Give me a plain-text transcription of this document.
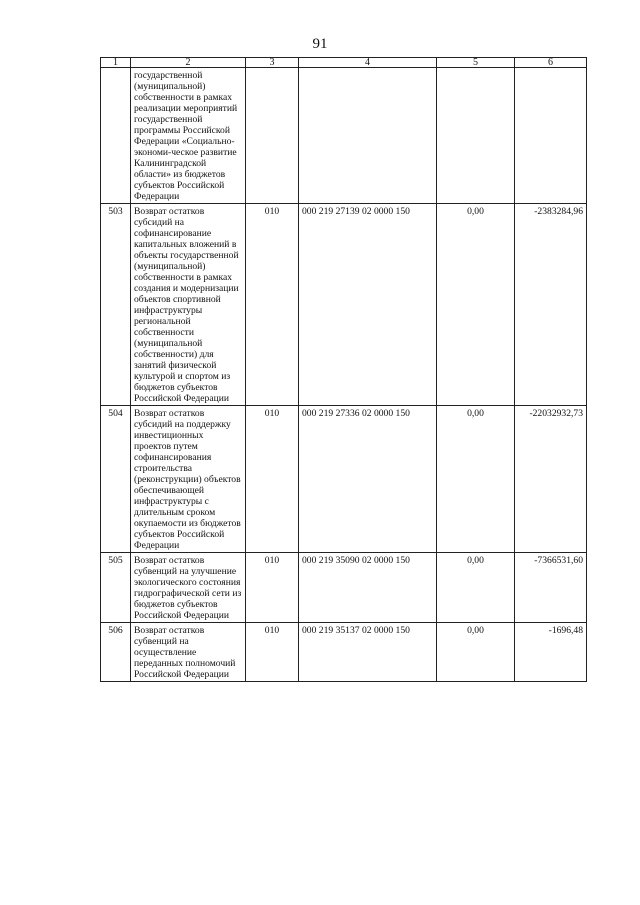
91
1	2	3	4	5	6
	государственной (муниципальной) собственности в рамках реализации мероприятий государственной программы Российской Федерации «Социально-экономи-ческое развитие Калининградской области» из бюджетов субъектов Российской Федерации				
503	Возврат остатков субсидий на софинансирование капитальных вложений в объекты государственной (муниципальной) собственности в рамках создания и модернизации объектов спортивной инфраструктуры региональной собственности (муниципальной собственности) для занятий физической культурой и спортом из бюджетов субъектов Российской Федерации	010	000 219 27139 02 0000 150	0,00	-2383284,96
504	Возврат остатков субсидий на поддержку инвестиционных проектов путем софинансирования строительства (реконструкции) объектов обеспечивающей инфраструктуры с длительным сроком окупаемости из бюджетов субъектов Российской Федерации	010	000 219 27336 02 0000 150	0,00	-22032932,73
505	Возврат остатков субвенций на улучшение экологического состояния гидрографической сети из бюджетов субъектов Российской Федерации	010	000 219 35090 02 0000 150	0,00	-7366531,60
506	Возврат остатков субвенций на осуществление переданных полномочий Российской Федерации	010	000 219 35137 02 0000 150	0,00	-1696,48
